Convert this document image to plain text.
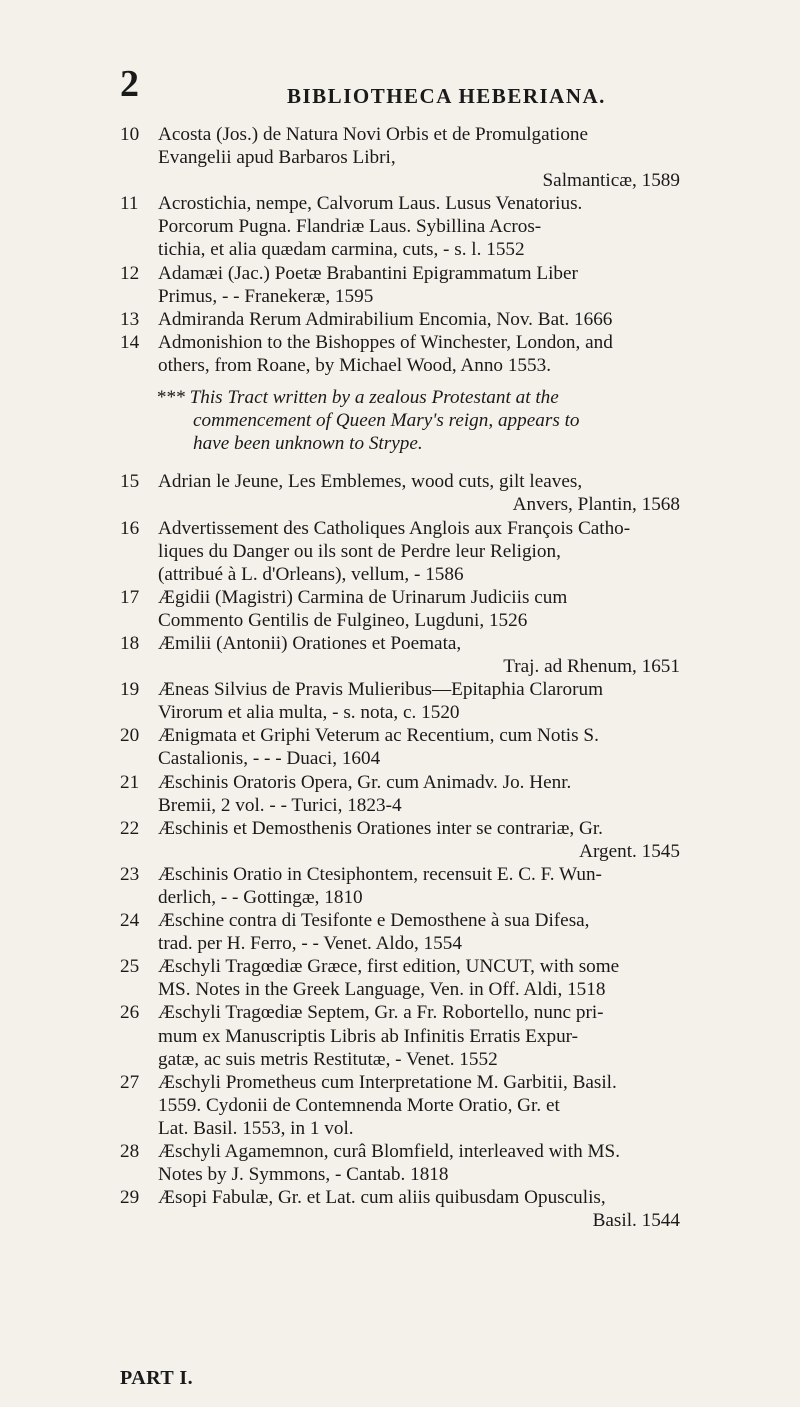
2	BIBLIOTHECA HEBERIANA.
10 Acosta (Jos.) de Natura Novi Orbis et de Promulgatione
Evangelii apud Barbaros Libri,
Salmanticæ, 1589
11 Acrostichia, nempe, Calvorum Laus. Lusus Venatorius.
Porcorum Pugna. Flandriæ Laus. Sybillina Acros-
tichia, et alia quædam carmina, cuts, - s. l. 1552
12 Adamæi (Jac.) Poetæ Brabantini Epigrammatum Liber
Primus, - - Franekeræ, 1595
13 Admiranda Rerum Admirabilium Encomia, Nov. Bat. 1666
14 Admonishion to the Bishoppes of Winchester, London, and
others, from Roane, by Michael Wood, Anno 1553.
*** This Tract written by a zealous Protestant at the
commencement of Queen Mary's reign, appears to
have been unknown to Strype.
15 Adrian le Jeune, Les Emblemes, wood cuts, gilt leaves,
Anvers, Plantin, 1568
16 Advertissement des Catholiques Anglois aux François Catho-
liques du Danger ou ils sont de Perdre leur Religion,
(attribué à L. d'Orleans), vellum, - 1586
17 Ægidii (Magistri) Carmina de Urinarum Judiciis cum
Commento Gentilis de Fulgineo, Lugduni, 1526
18 Æmilii (Antonii) Orationes et Poemata,
Traj. ad Rhenum, 1651
19 Æneas Silvius de Pravis Mulieribus—Epitaphia Clarorum
Virorum et alia multa, - s. nota, c. 1520
20 Ænigmata et Griphi Veterum ac Recentium, cum Notis S.
Castalionis, - - - Duaci, 1604
21 Æschinis Oratoris Opera, Gr. cum Animadv. Jo. Henr.
Bremii, 2 vol. - - Turici, 1823-4
22 Æschinis et Demosthenis Orationes inter se contrariæ, Gr.
Argent. 1545
23 Æschinis Oratio in Ctesiphontem, recensuit E. C. F. Wun-
derlich, - - Gottingæ, 1810
24 Æschine contra di Tesifonte e Demosthene à sua Difesa,
trad. per H. Ferro, - - Venet. Aldo, 1554
25 Æschyli Tragœdiæ Græce, first edition, UNCUT, with some
MS. Notes in the Greek Language, Ven. in Off. Aldi, 1518
26 Æschyli Tragœdiæ Septem, Gr. a Fr. Robortello, nunc pri-
mum ex Manuscriptis Libris ab Infinitis Erratis Expur-
gatæ, ac suis metris Restitutæ, - Venet. 1552
27 Æschyli Prometheus cum Interpretatione M. Garbitii, Basil.
1559. Cydonii de Contemnenda Morte Oratio, Gr. et
Lat. Basil. 1553, in 1 vol.
28 Æschyli Agamemnon, curâ Blomfield, interleaved with MS.
Notes by J. Symmons, - Cantab. 1818
29 Æsopi Fabulæ, Gr. et Lat. cum aliis quibusdam Opusculis,
Basil. 1544
PART I.
